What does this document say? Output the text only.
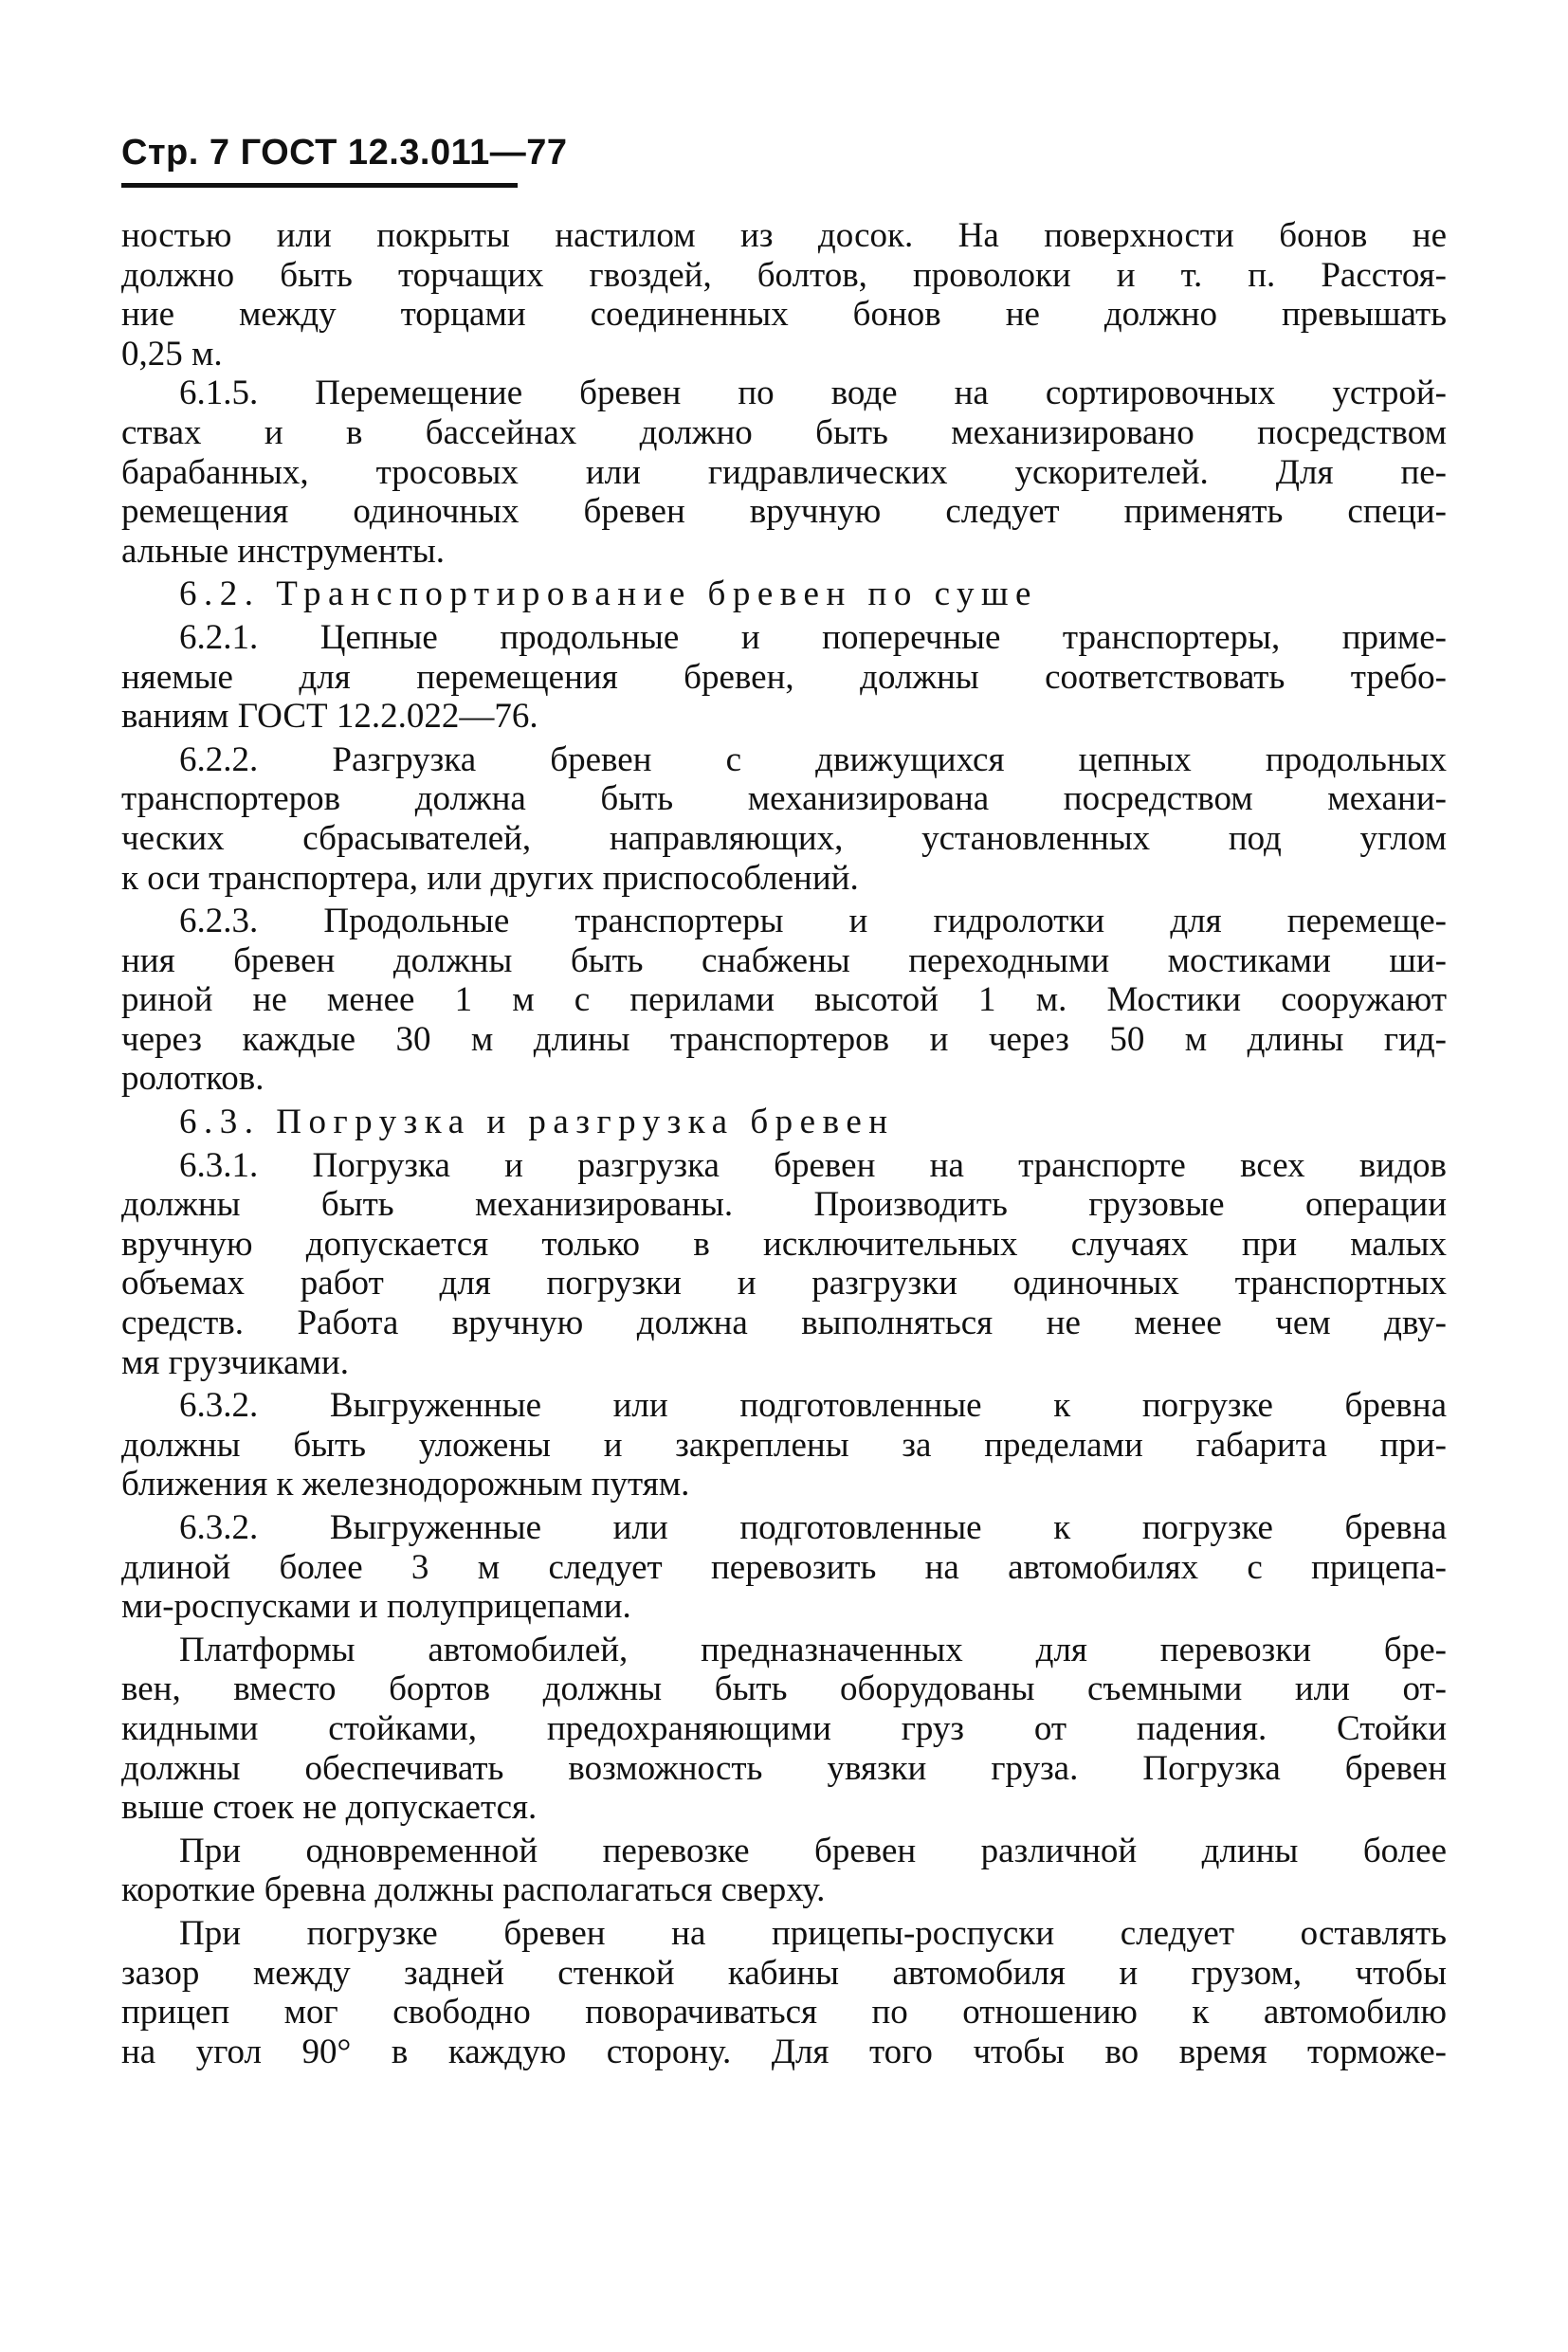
Стр. 7 ГОСТ 12.3.011—77
ностью или покрыты настилом из досок. На поверхности бонов не
должно быть торчащих гвоздей, болтов, проволоки и т. п. Расстоя-
ние между торцами соединенных бонов не должно превышать
0,25 м.
6.1.5. Перемещение бревен по воде на сортировочных устрой-
ствах и в бассейнах должно быть механизировано посредством
барабанных, тросовых или гидравлических ускорителей. Для пе-
ремещения одиночных бревен вручную следует применять специ-
альные инструменты.
6.2. Транспортирование бревен по суше
6.2.1. Цепные продольные и поперечные транспортеры, приме-
няемые для перемещения бревен, должны соответствовать требо-
ваниям ГОСТ 12.2.022—76.
6.2.2. Разгрузка бревен с движущихся цепных продольных
транспортеров должна быть механизирована посредством механи-
ческих сбрасывателей, направляющих, установленных под углом
к оси транспортера, или других приспособлений.
6.2.3. Продольные транспортеры и гидролотки для перемеще-
ния бревен должны быть снабжены переходными мостиками ши-
риной не менее 1 м с перилами высотой 1 м. Мостики сооружают
через каждые 30 м длины транспортеров и через 50 м длины гид-
ролотков.
6.3. Погрузка и разгрузка бревен
6.3.1. Погрузка и разгрузка бревен на транспорте всех видов
должны быть механизированы. Производить грузовые операции
вручную допускается только в исключительных случаях при малых
объемах работ для погрузки и разгрузки одиночных транспортных
средств. Работа вручную должна выполняться не менее чем дву-
мя грузчиками.
6.3.2. Выгруженные или подготовленные к погрузке бревна
должны быть уложены и закреплены за пределами габарита при-
ближения к железнодорожным путям.
6.3.2. Выгруженные или подготовленные к погрузке бревна
длиной более 3 м следует перевозить на автомобилях с прицепа-
ми-роспусками и полуприцепами.
Платформы автомобилей, предназначенных для перевозки бре-
вен, вместо бортов должны быть оборудованы съемными или от-
кидными стойками, предохраняющими груз от падения. Стойки
должны обеспечивать возможность увязки груза. Погрузка бревен
выше стоек не допускается.
При одновременной перевозке бревен различной длины более
короткие бревна должны располагаться сверху.
При погрузке бревен на прицепы-роспуски следует оставлять
зазор между задней стенкой кабины автомобиля и грузом, чтобы
прицеп мог свободно поворачиваться по отношению к автомобилю
на угол 90° в каждую сторону. Для того чтобы во время торможе-
